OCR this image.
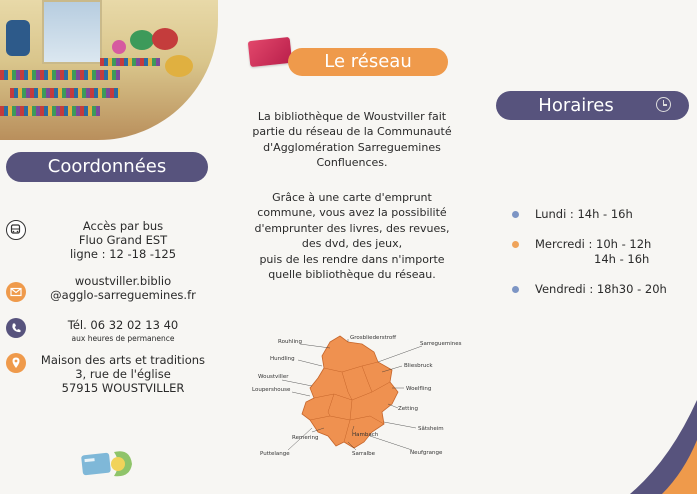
Coordonnées
Accès par bus
Fluo Grand EST
ligne : 12 -18 -125
woustviller.biblio
@agglo-sarreguemines.fr
Tél. 06 32 02 13 40
aux heures de permanence
Maison des arts et traditions
3, rue de l'église
57915 WOUSTVILLER
Le réseau
La bibliothèque de Woustviller fait
partie du réseau de la Communauté
d'Agglomération Sarreguemines
Confluences.
Grâce à une carte d'emprunt
commune, vous avez la possibilité
d'emprunter des livres, des revues,
des dvd, des jeux,
puis de les rendre dans n'importe
quelle bibliothèque du réseau.
Rouhling
Grosbliederstroff
Sarreguemines
Hundling
Bliesbruck
Woustviller
Loupershouse	Woelfling
Zetting
Sâtsheim
Remering	Hambach
Puttelange	Sarralbe	Neufgrange
Horaires
Lundi : 14h - 16h
Mercredi : 10h - 12h
14h - 16h
Vendredi : 18h30 - 20h
